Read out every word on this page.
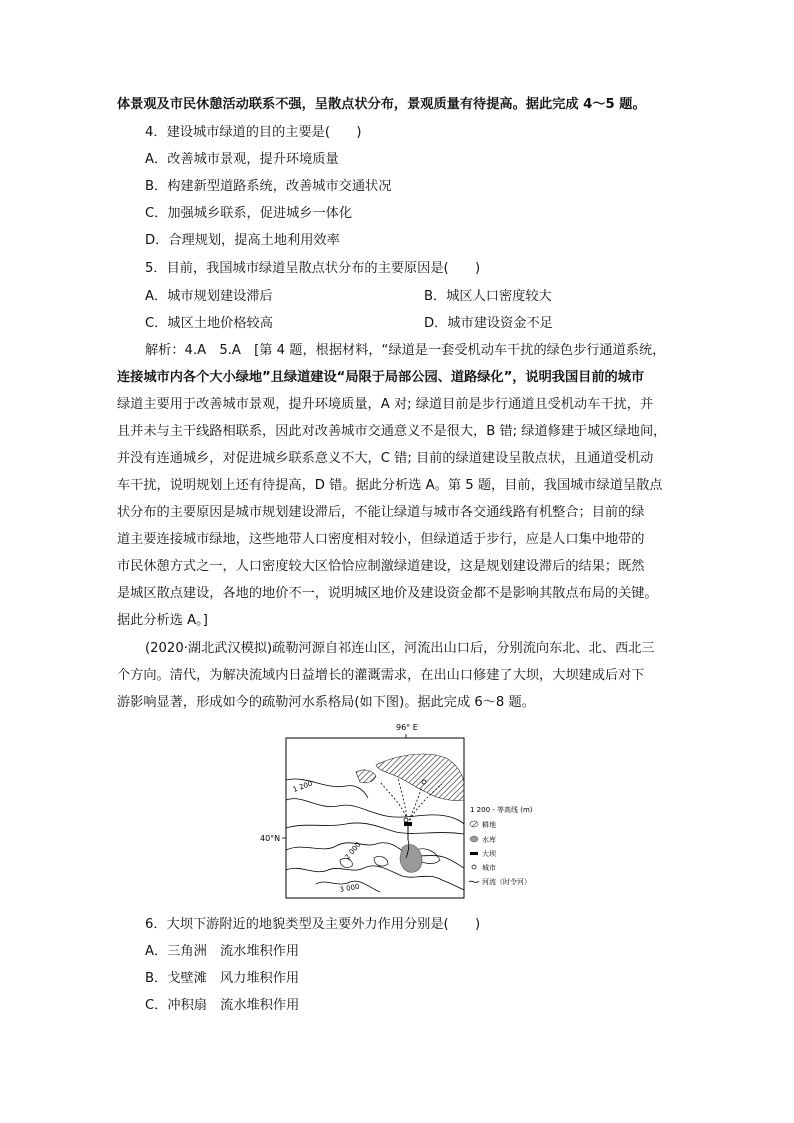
体景观及市民休憩活动联系不强，呈散点状分布，景观质量有待提高。据此完成 4～5 题。
4．建设城市绿道的目的主要是(　　)
A．改善城市景观，提升环境质量
B．构建新型道路系统，改善城市交通状况
C．加强城乡联系，促进城乡一体化
D．合理规划，提高土地利用效率
5．目前，我国城市绿道呈散点状分布的主要原因是(　　)
A．城市规划建设滞后	B．城区人口密度较大
C．城区土地价格较高	D．城市建设资金不足
解析：4.A　5.A　[第 4 题，根据材料，“绿道是一套受机动车干扰的绿色步行通道系统，
连接城市内各个大小绿地”且绿道建设“局限于局部公园、道路绿化”，说明我国目前的城市
绿道主要用于改善城市景观，提升环境质量，A 对; 绿道目前是步行通道且受机动车干扰，并
且并未与主干线路相联系，因此对改善城市交通意义不是很大，B 错; 绿道修建于城区绿地间，
并没有连通城乡，对促进城乡联系意义不大，C 错; 目前的绿道建设呈散点状，且通道受机动
车干扰，说明规划上还有待提高，D 错。据此分析选 A。第 5 题，目前，我国城市绿道呈散点
状分布的主要原因是城市规划建设滞后，不能让绿道与城市各交通线路有机整合；目前的绿
道主要连接城市绿地，这些地带人口密度相对较小，但绿道适于步行，应是人口集中地带的
市民休憩方式之一，人口密度较大区恰恰应制激绿道建设，这是规划建设滞后的结果；既然
是城区散点建设，各地的地价不一，说明城区地价及建设资金都不是影响其散点布局的关键。
据此分析选 A。]
(2020·湖北武汉模拟)疏勒河源自祁连山区，河流出山口后，分别流向东北、北、西北三
个方向。清代，为解决流域内日益增长的灌溉需求，在出山口修建了大坝，大坝建成后对下
游影响显著，形成如今的疏勒河水系格局(如下图)。据此完成 6～8 题。
96° E
40°N
1 200
2 000
3 000
1 200 - 等高线 (m)
耕地
水库
大坝
城市
河流（时令河）
6．大坝下游附近的地貌类型及主要外力作用分别是(　　)
A．三角洲　流水堆积作用
B．戈壁滩　风力堆积作用
C．冲积扇　流水堆积作用
